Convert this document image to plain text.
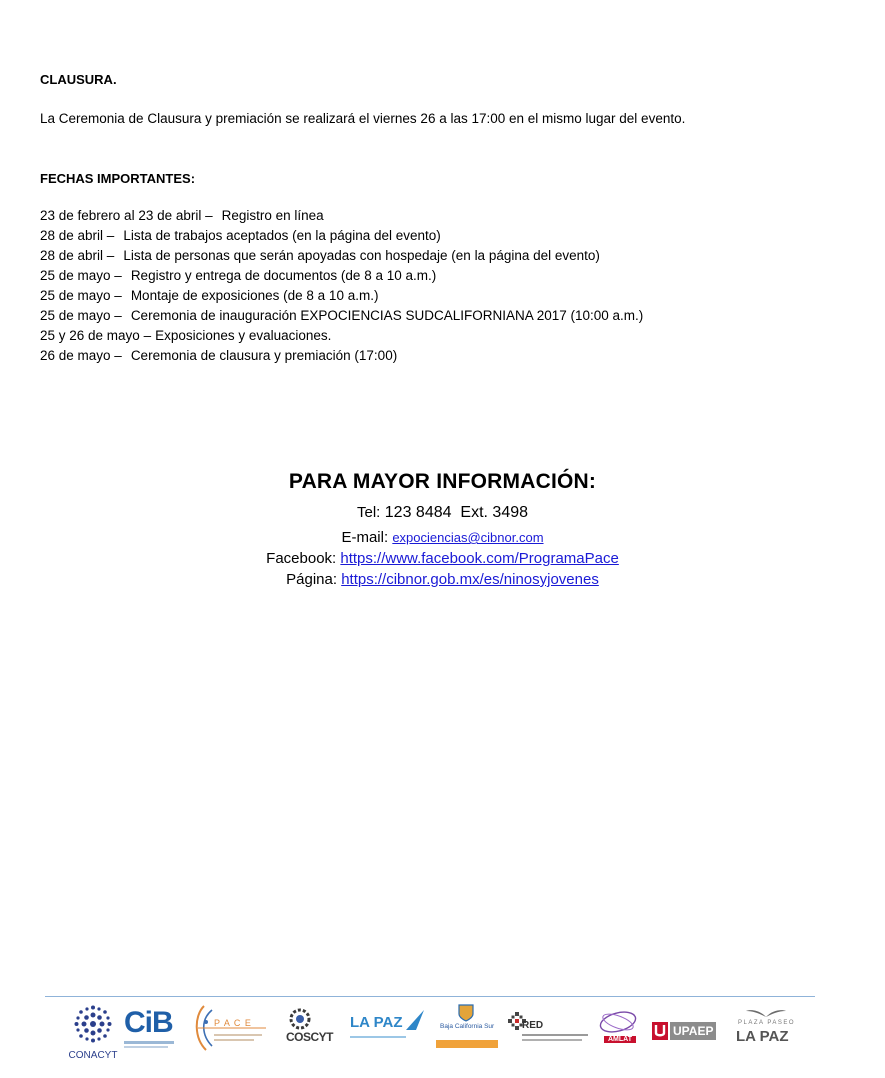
CLAUSURA.
La Ceremonia de Clausura y premiación se realizará el viernes 26 a las 17:00 en el mismo lugar del evento.
FECHAS IMPORTANTES:
23 de febrero al 23 de abril – Registro en línea
28 de abril – Lista de trabajos aceptados (en la página del evento)
28 de abril – Lista de personas que serán apoyadas con hospedaje (en la página del evento)
25 de mayo – Registro y entrega de documentos (de 8 a 10 a.m.)
25 de mayo – Montaje de exposiciones (de 8 a 10 a.m.)
25 de mayo – Ceremonia de inauguración EXPOCIENCIAS SUDCALIFORNIANA 2017 (10:00 a.m.)
25 y 26 de mayo – Exposiciones y evaluaciones.
26 de mayo – Ceremonia de clausura y premiación (17:00)
PARA MAYOR INFORMACIÓN:
Tel: 123 8484  Ext. 3498
E-mail: expociencias@cibnor.com
Facebook: https://www.facebook.com/ProgramaPace
Página: https://cibnor.gob.mx/es/ninosyjovenes
CONACYT
CiB	P A C E
COSCYT
LA PAZ	Baja California Sur	RED
AMLAT
UPAEP
PLAZA PASEO
LA PAZ
